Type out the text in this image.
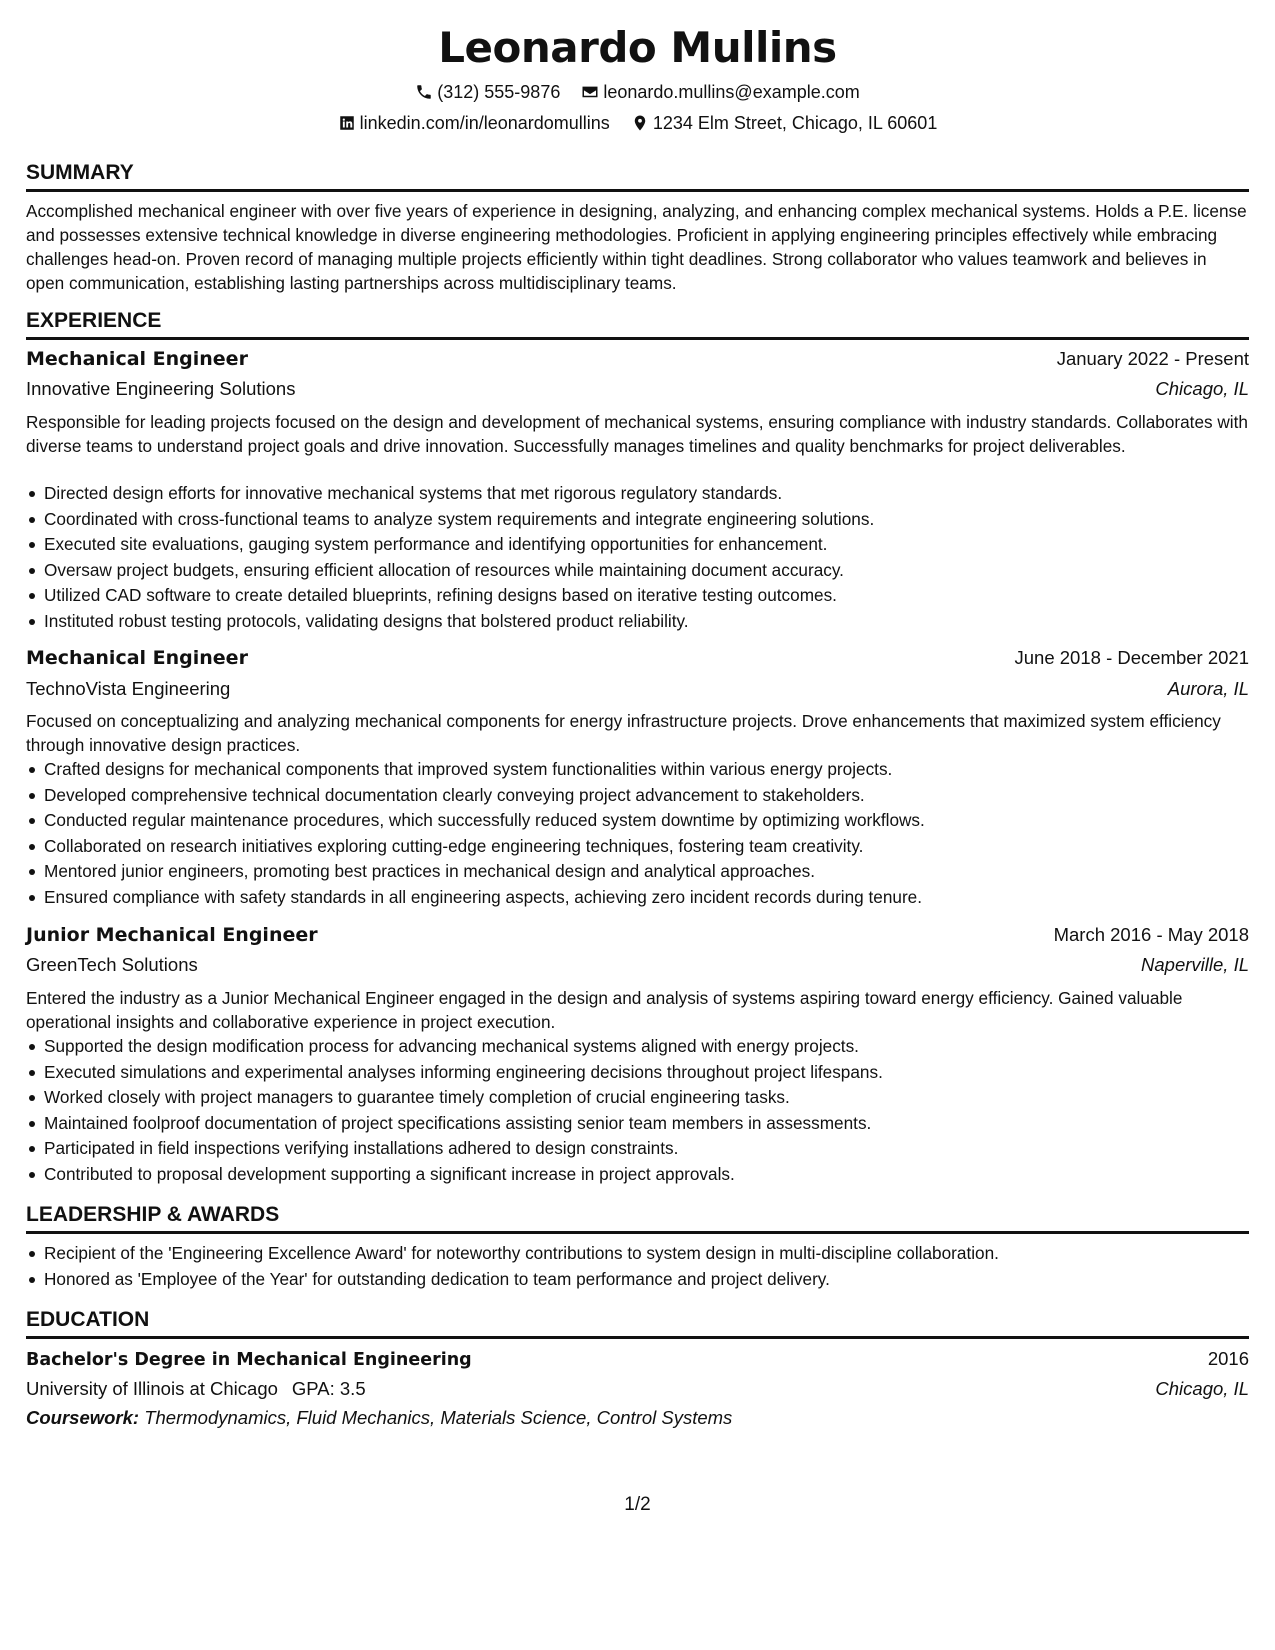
Leonardo Mullins
(312) 555-9876
leonardo.mullins@example.com
linkedin.com/in/leonardomullins
1234 Elm Street, Chicago, IL 60601
SUMMARY
Accomplished mechanical engineer with over five years of experience in designing, analyzing, and enhancing complex mechanical systems. Holds a P.E. license and possesses extensive technical knowledge in diverse engineering methodologies. Proficient in applying engineering principles effectively while embracing challenges head-on. Proven record of managing multiple projects efficiently within tight deadlines. Strong collaborator who values teamwork and believes in open communication, establishing lasting partnerships across multidisciplinary teams.
EXPERIENCE
Mechanical Engineer	January 2022 - Present
Innovative Engineering Solutions	Chicago, IL
Responsible for leading projects focused on the design and development of mechanical systems, ensuring compliance with industry standards. Collaborates with diverse teams to understand project goals and drive innovation. Successfully manages timelines and quality benchmarks for project deliverables.
Directed design efforts for innovative mechanical systems that met rigorous regulatory standards.
Coordinated with cross-functional teams to analyze system requirements and integrate engineering solutions.
Executed site evaluations, gauging system performance and identifying opportunities for enhancement.
Oversaw project budgets, ensuring efficient allocation of resources while maintaining document accuracy.
Utilized CAD software to create detailed blueprints, refining designs based on iterative testing outcomes.
Instituted robust testing protocols, validating designs that bolstered product reliability.
Mechanical Engineer	June 2018 - December 2021
TechnoVista Engineering	Aurora, IL
Focused on conceptualizing and analyzing mechanical components for energy infrastructure projects. Drove enhancements that maximized system efficiency through innovative design practices.
Crafted designs for mechanical components that improved system functionalities within various energy projects.
Developed comprehensive technical documentation clearly conveying project advancement to stakeholders.
Conducted regular maintenance procedures, which successfully reduced system downtime by optimizing workflows.
Collaborated on research initiatives exploring cutting-edge engineering techniques, fostering team creativity.
Mentored junior engineers, promoting best practices in mechanical design and analytical approaches.
Ensured compliance with safety standards in all engineering aspects, achieving zero incident records during tenure.
Junior Mechanical Engineer	March 2016 - May 2018
GreenTech Solutions	Naperville, IL
Entered the industry as a Junior Mechanical Engineer engaged in the design and analysis of systems aspiring toward energy efficiency. Gained valuable operational insights and collaborative experience in project execution.
Supported the design modification process for advancing mechanical systems aligned with energy projects.
Executed simulations and experimental analyses informing engineering decisions throughout project lifespans.
Worked closely with project managers to guarantee timely completion of crucial engineering tasks.
Maintained foolproof documentation of project specifications assisting senior team members in assessments.
Participated in field inspections verifying installations adhered to design constraints.
Contributed to proposal development supporting a significant increase in project approvals.
LEADERSHIP & AWARDS
Recipient of the 'Engineering Excellence Award' for noteworthy contributions to system design in multi-discipline collaboration.
Honored as 'Employee of the Year' for outstanding dedication to team performance and project delivery.
EDUCATION
Bachelor's Degree in Mechanical Engineering	2016
University of Illinois at Chicago GPA: 3.5	Chicago, IL
Coursework: Thermodynamics, Fluid Mechanics, Materials Science, Control Systems
1/2
